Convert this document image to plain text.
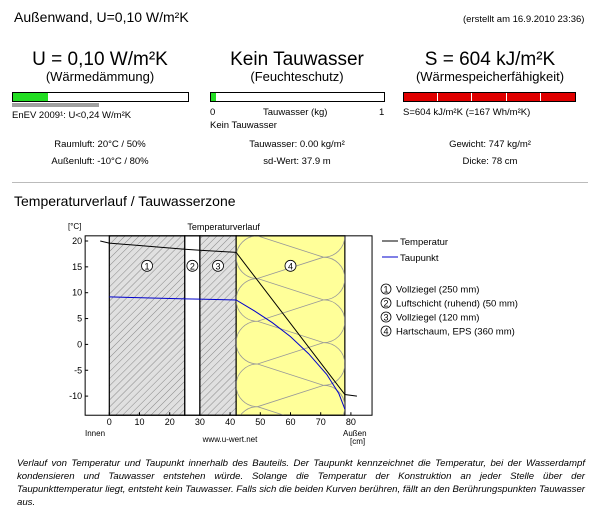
1	2 3	4
0	10 20 30 40 50 60 70 80
20
15
10
5
0
-5
-10
[°C]	Temperaturverlauf
Innen	Außen
[cm]
www.u-wert.net
Temperatur
Taupunkt
1 Vollziegel (250 mm)
2 Luftschicht (ruhend) (50 mm)
3 Vollziegel (120 mm)
4 Hartschaum, EPS (360 mm)
Außenwand, U=0,10 W/m²K	(erstellt am 16.9.2010 23:36)
U = 0,10 W/m²K
(Wärmedämmung)
EnEV 2009¹: U<0,24 W/m²K
Raumluft: 20°C / 50%
Außenluft: -10°C / 80%
Kein Tauwasser
(Feuchteschutz)
0	Tauwasser (kg)	1
Kein Tauwasser
Tauwasser: 0.00 kg/m²
sd-Wert: 37.9 m
S = 604 kJ/m²K
(Wärmespeicherfähigkeit)
S=604 kJ/m²K (=167 Wh/m²K)
Gewicht: 747 kg/m²
Dicke: 78 cm
Temperaturverlauf / Tauwasserzone
Verlauf von Temperatur und Taupunkt innerhalb des Bauteils. Der Taupunkt kennzeichnet die Temperatur, bei der Wasserdampf kondensieren und Tauwasser entstehen würde. Solange die Temperatur der Konstruktion an jeder Stelle über der Taupunkttemperatur liegt, entsteht kein Tauwasser. Falls sich die beiden Kurven berühren, fällt an den Berührungspunkten Tauwasser aus.
